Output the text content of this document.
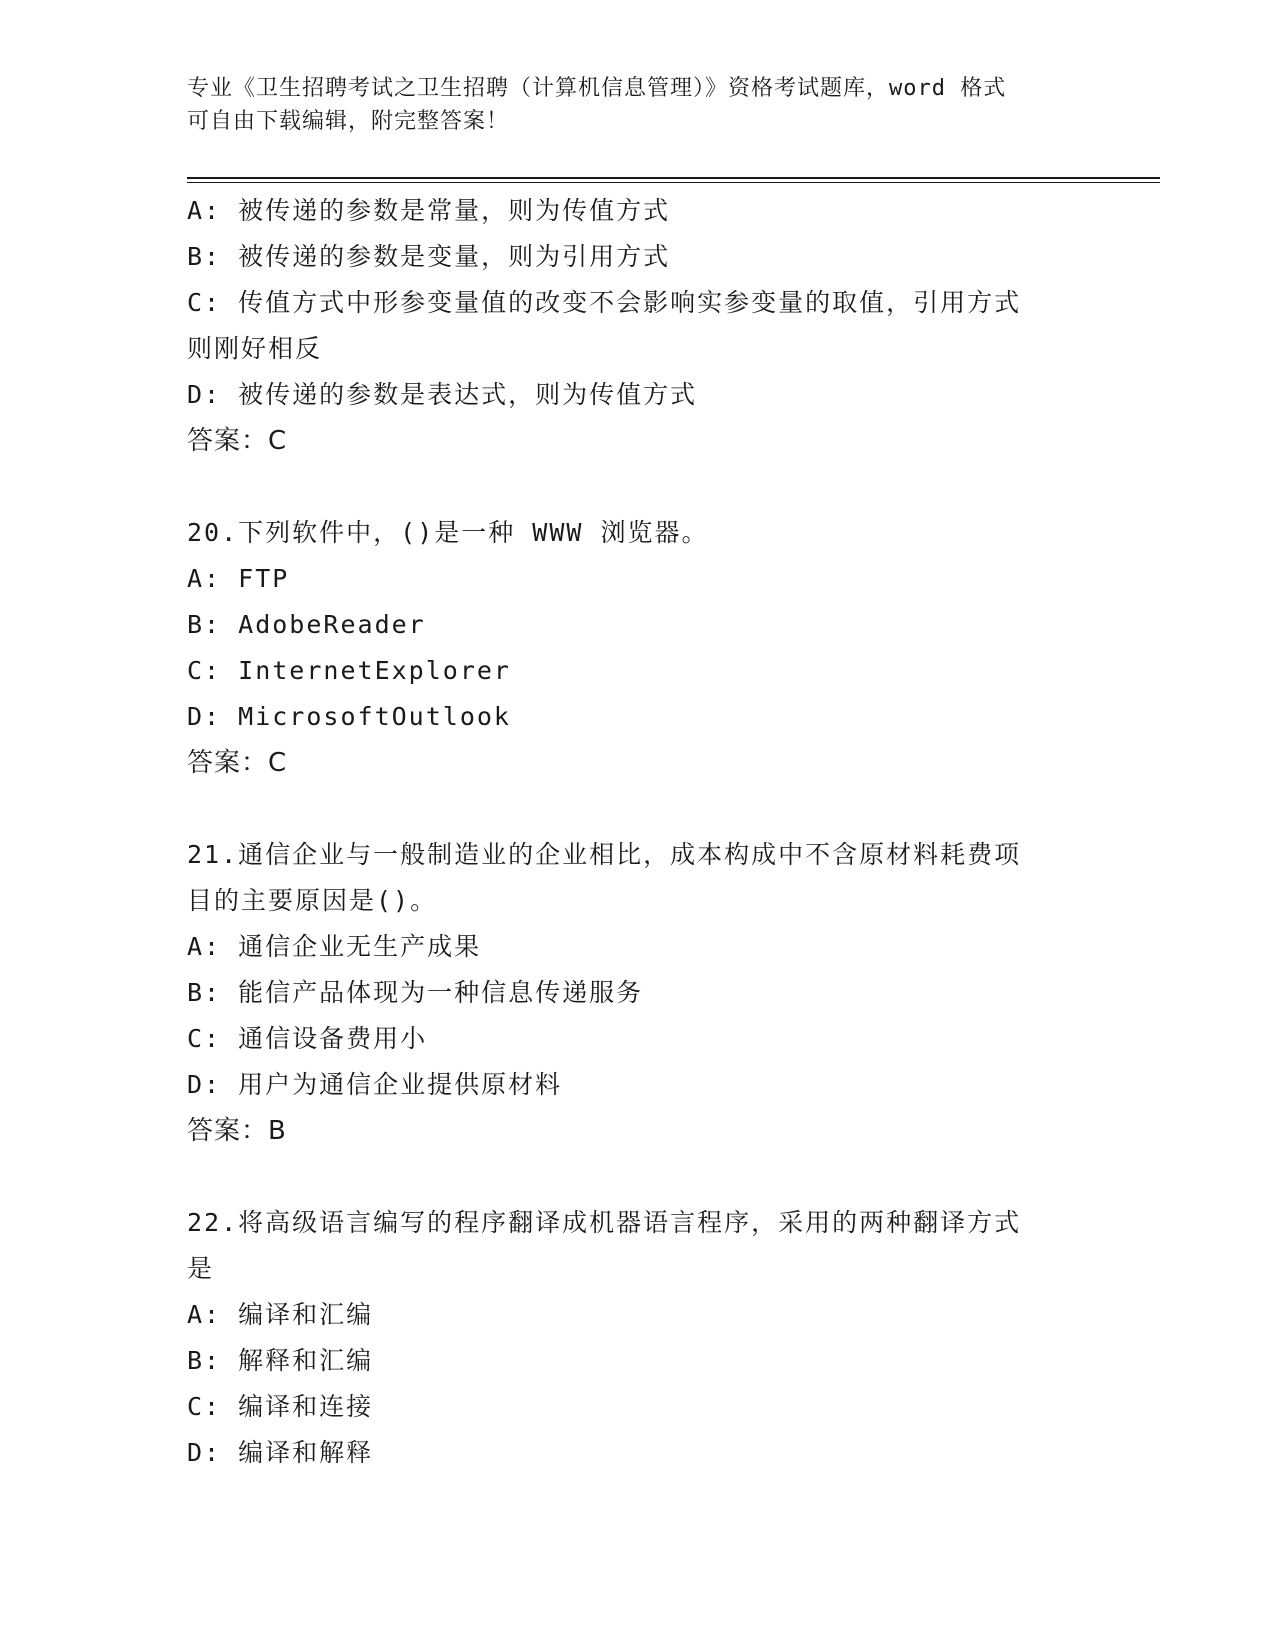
专业《卫生招聘考试之卫生招聘（计算机信息管理）》资格考试题库，word 格式
可自由下载编辑，附完整答案！
A: 被传递的参数是常量，则为传值方式
B: 被传递的参数是变量，则为引用方式
C: 传值方式中形参变量值的改变不会影响实参变量的取值，引用方式
则刚好相反
D: 被传递的参数是表达式，则为传值方式
答案：C
20.下列软件中，()是一种 WWW 浏览器。
A: FTP
B: AdobeReader
C: InternetExplorer
D: MicrosoftOutlook
答案：C
21.通信企业与一般制造业的企业相比，成本构成中不含原材料耗费项
目的主要原因是()。
A: 通信企业无生产成果
B: 能信产品体现为一种信息传递服务
C: 通信设备费用小
D: 用户为通信企业提供原材料
答案：B
22.将高级语言编写的程序翻译成机器语言程序，采用的两种翻译方式
是
A: 编译和汇编
B: 解释和汇编
C: 编译和连接
D: 编译和解释
